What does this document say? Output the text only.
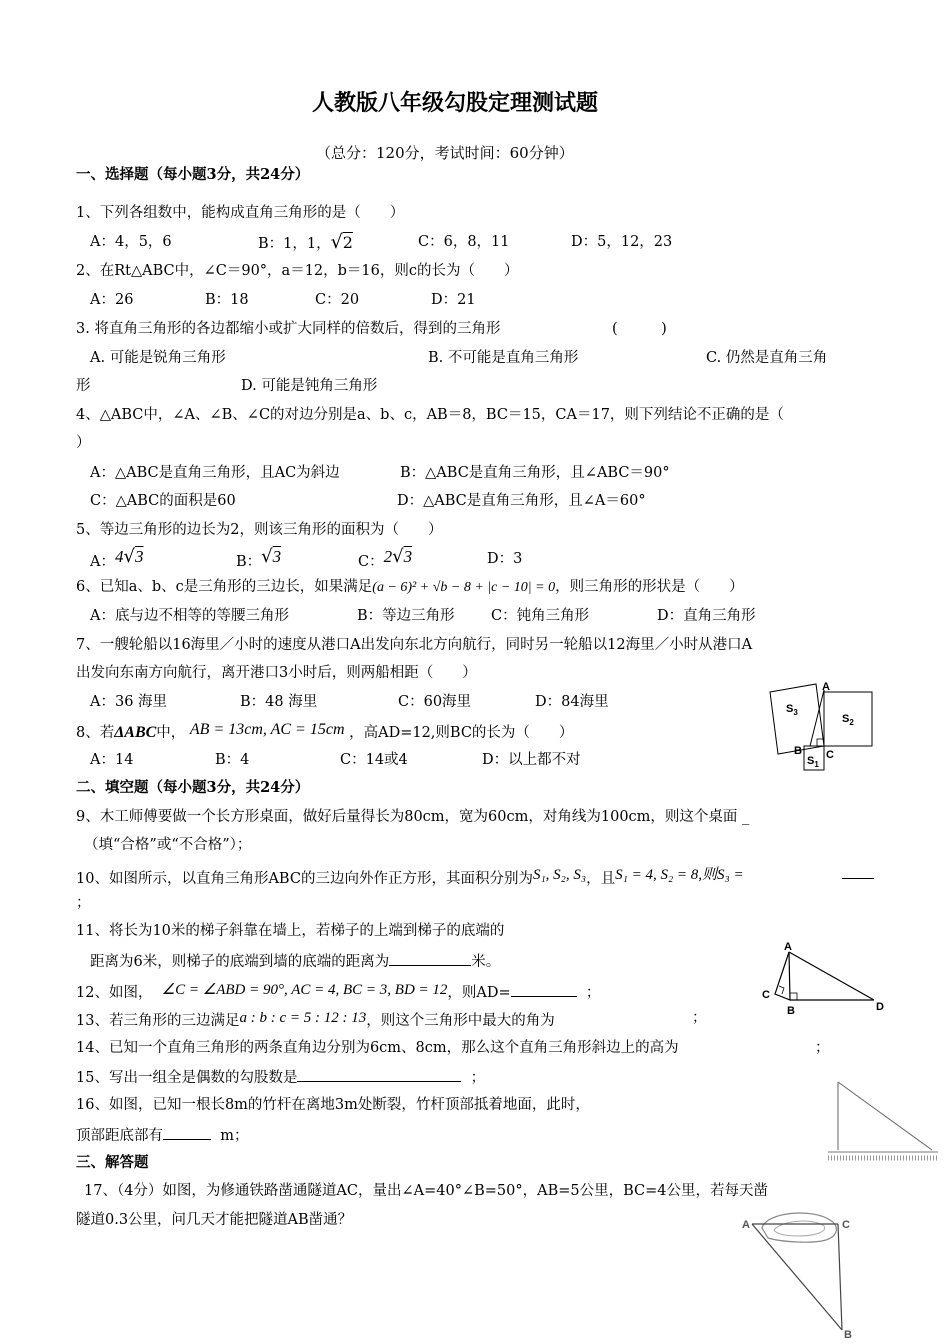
人教版八年级勾股定理测试题
（总分：120分，考试时间：60分钟）
一、选择题（每小题3分，共24分）
1、下列各组数中，能构成直角三角形的是（　　）
A：4，5，6	B：1，1，√2	C：6，8，11	D：5，12，23
2、在Rt△ABC中，∠C＝90°，a＝12，b＝16，则c的长为（　　）
A：26	B：18	C：20	D：21
3. 将直角三角形的各边都缩小或扩大同样的倍数后，得到的三角形	(　　　)
A. 可能是锐角三角形	B. 不可能是直角三角形	C. 仍然是直角三角
形	D. 可能是钝角三角形
4、△ABC中，∠A、∠B、∠C的对边分别是a、b、c，AB＝8，BC＝15，CA＝17，则下列结论不正确的是（
）
A：△ABC是直角三角形，且AC为斜边	B：△ABC是直角三角形，且∠ABC＝90°
C：△ABC的面积是60	D：△ABC是直角三角形，且∠A＝60°
5、等边三角形的边长为2，则该三角形的面积为（　　）
A：4√3	B：√3	C：2√3	D：3
6、已知a、b、c是三角形的三边长，如果满足(a − 6)² + √b − 8 + |c − 10| = 0，则三角形的形状是（　　）
A：底与边不相等的等腰三角形	B：等边三角形	C：钝角三角形	D：直角三角形
7、一艘轮船以16海里／小时的速度从港口A出发向东北方向航行，同时另一轮船以12海里／小时从港口A
出发向东南方向航行，离开港口3小时后，则两船相距（　　）
A：36 海里	B：48 海里	C：60海里	D：84海里
8、若ΔABC中， AB = 13cm, AC = 15cm ，高AD=12,则BC的长为（　　）
A：14	B：4	C：14或4	D：以上都不对
$S_3$
$S_2$
$S_1$
A
B C
二、填空题（每小题3分，共24分）
9、木工师傅要做一个长方形桌面，做好后量得长为80cm，宽为60cm，对角线为100cm，则这个桌面 _
（填“合格”或“不合格”）；
10、如图所示，以直角三角形ABC的三边向外作正方形，其面积分别为S₁, S₂, S₃，且S₁ = 4, S₂ = 8,则S₃ =
；
11、将长为10米的梯子斜靠在墙上，若梯子的上端到梯子的底端的
距离为6米，则梯子的底端到墙的底端的距离为	米。
A
C
B	D
12、如图， ∠C = ∠ABD = 90°, AC = 4, BC = 3, BD = 12，则AD=	；
13、若三角形的三边满足a : b : c = 5 : 12 : 13，则这个三角形中最大的角为	；
14、已知一个直角三角形的两条直角边分别为6cm、8cm，那么这个直角三角形斜边上的高为	；
15、写出一组全是偶数的勾股数是	；
16、如图，已知一根长8m的竹杆在离地3m处断裂，竹杆顶部抵着地面，此时，
顶部距底部有	m；
三、解答题
17、（4分）如图，为修通铁路凿通隧道AC，量出∠A=40°∠B=50°，AB=5公里，BC=4公里，若每天凿
隧道0.3公里，问几天才能把隧道AB凿通？	A	C
B
